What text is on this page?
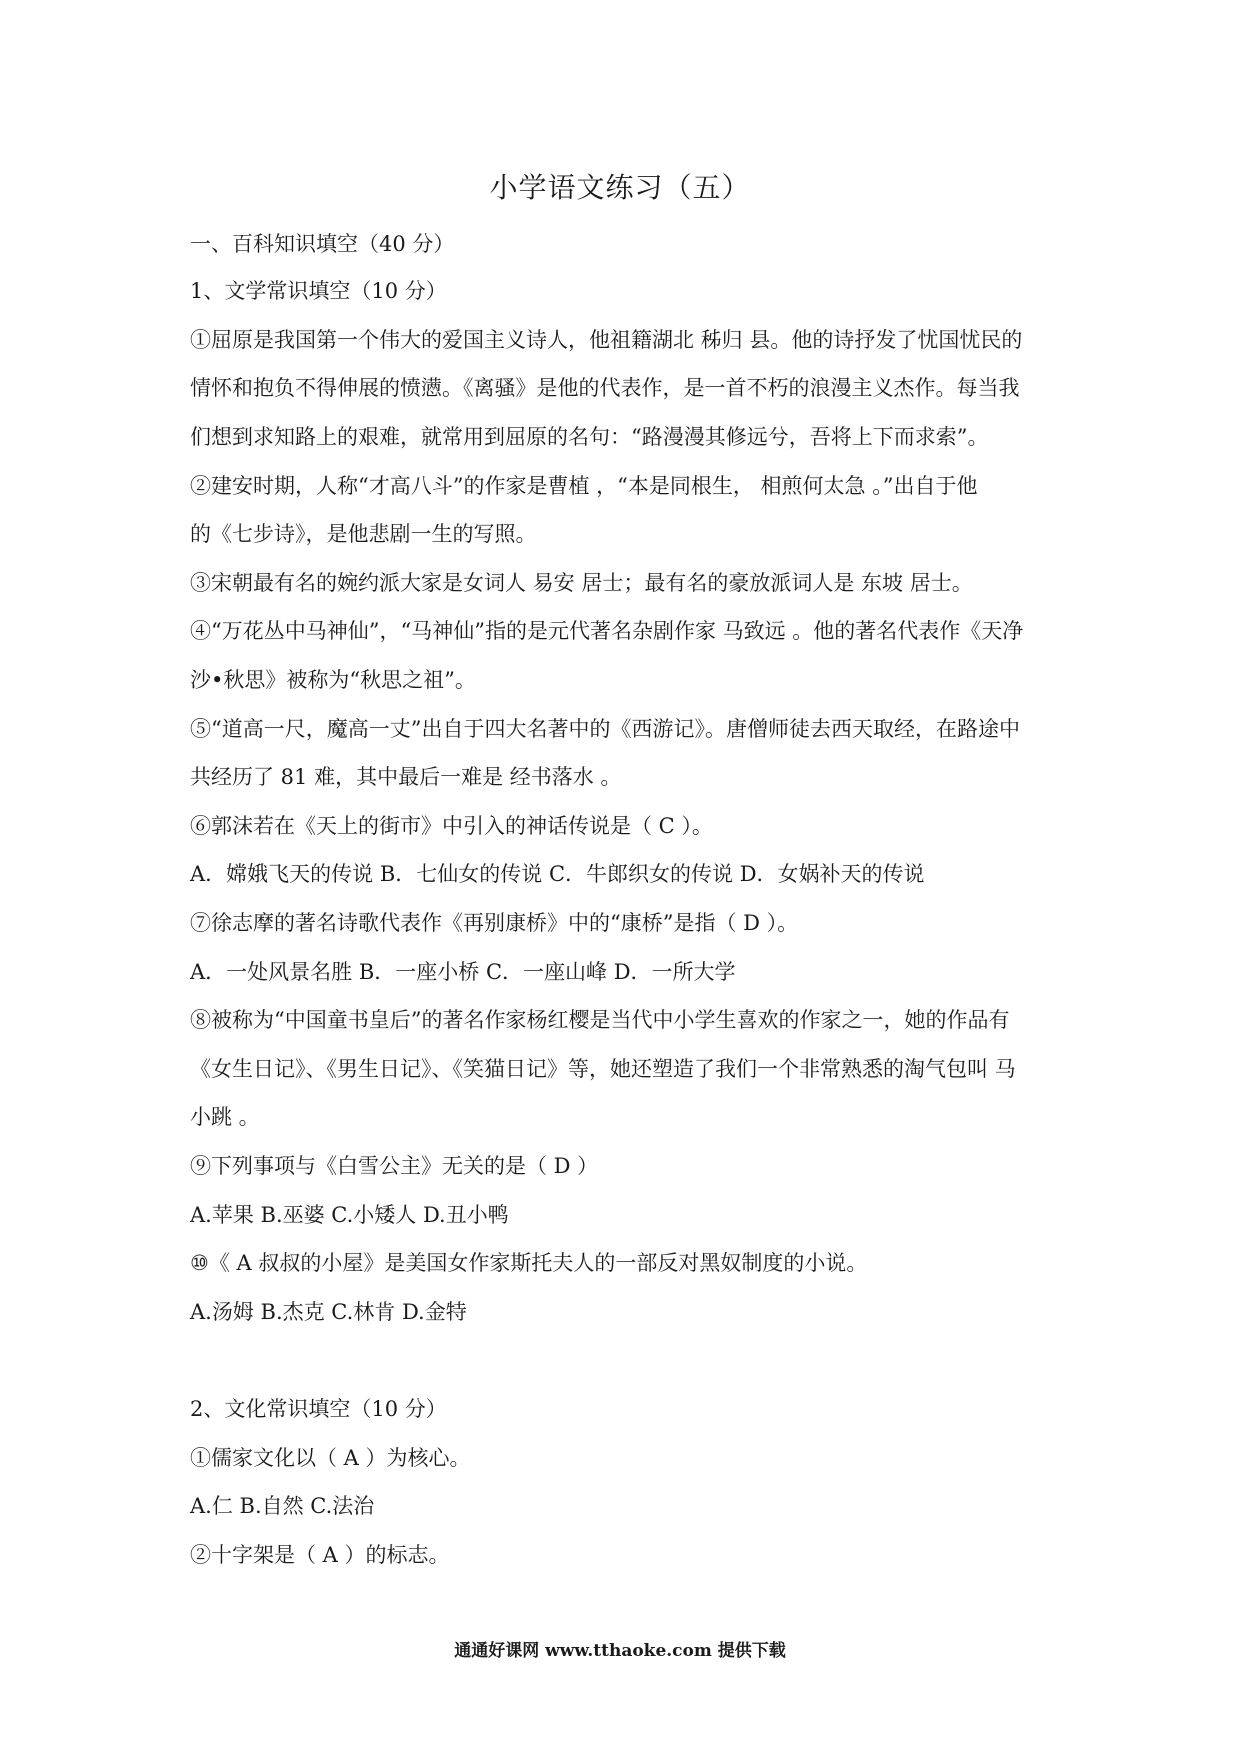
小学语文练习（五）
一、百科知识填空（40 分）
1、文学常识填空（10 分）
①屈原是我国第一个伟大的爱国主义诗人，他祖籍湖北 秭归 县。他的诗抒发了忧国忧民的
情怀和抱负不得伸展的愤懑。《离骚》是他的代表作，是一首不朽的浪漫主义杰作。每当我
们想到求知路上的艰难，就常用到屈原的名句：“路漫漫其修远兮，吾将上下而求索”。
②建安时期，人称“才高八斗”的作家是曹植 ，“本是同根生， 相煎何太急 。”出自于他
的《七步诗》，是他悲剧一生的写照。
③宋朝最有名的婉约派大家是女词人 易安 居士；最有名的豪放派词人是 东坡 居士。
④“万花丛中马神仙”，“马神仙”指的是元代著名杂剧作家 马致远 。他的著名代表作《天净
沙•秋思》被称为“秋思之祖”。
⑤“道高一尺，魔高一丈”出自于四大名著中的《西游记》。唐僧师徒去西天取经，在路途中
共经历了 81 难，其中最后一难是 经书落水 。
⑥郭沫若在《天上的街市》中引入的神话传说是（ C ）。
A．嫦娥飞天的传说 B．七仙女的传说 C．牛郎织女的传说 D．女娲补天的传说
⑦徐志摩的著名诗歌代表作《再别康桥》中的“康桥”是指（ D ）。
A．一处风景名胜 B．一座小桥 C．一座山峰 D．一所大学
⑧被称为“中国童书皇后”的著名作家杨红樱是当代中小学生喜欢的作家之一，她的作品有
《女生日记》、《男生日记》、《笑猫日记》等，她还塑造了我们一个非常熟悉的淘气包叫 马
小跳 。
⑨下列事项与《白雪公主》无关的是（ D ）
A.苹果 B.巫婆 C.小矮人 D.丑小鸭
⑩《 A 叔叔的小屋》是美国女作家斯托夫人的一部反对黑奴制度的小说。
A.汤姆 B.杰克 C.林肯 D.金特
2、文化常识填空（10 分）
①儒家文化以（ A ）为核心。
A.仁 B.自然 C.法治
②十字架是（ A ）的标志。
通通好课网 www.tthaoke.com 提供下载
